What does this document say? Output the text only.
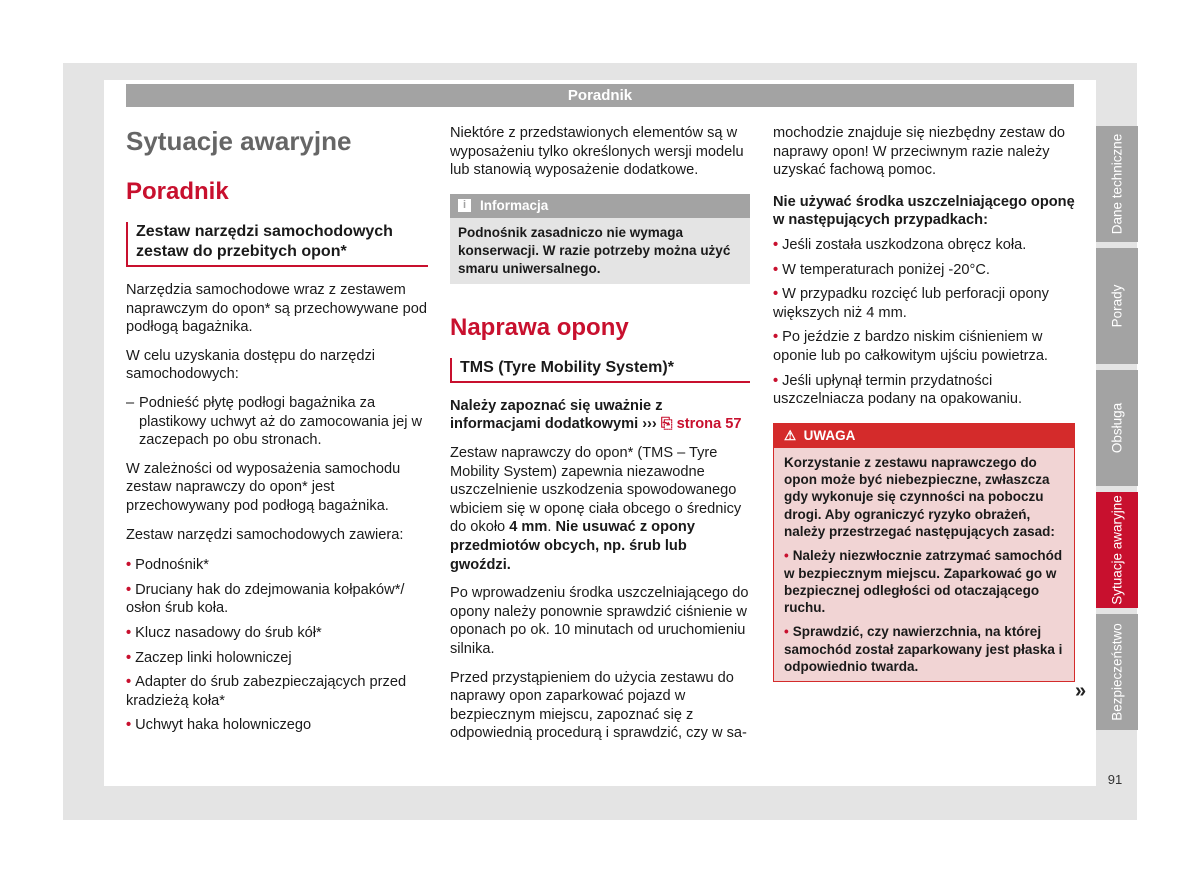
Poradnik
Sytuacje awaryjne
Poradnik
Zestaw narzędzi samochodowych zestaw do przebitych opon*

Narzędzia samochodowe wraz z zestawem naprawczym do opon* są przechowywane pod podłogą bagażnika.

W celu uzyskania dostępu do narzędzi samochodowych:

– Podnieść płytę podłogi bagażnika za plastikowy uchwyt aż do zamocowania jej w zaczepach po obu stronach.

W zależności od wyposażenia samochodu zestaw naprawczy do opon* jest przechowywany pod podłogą bagażnika.

Zestaw narzędzi samochodowych zawiera:

• Podnośnik*
• Druciany hak do zdejmowania kołpaków*/ osłon śrub koła.
• Klucz nasadowy do śrub kół*
• Zaczep linki holowniczej
• Adapter do śrub zabezpieczających przed kradzieżą koła*
• Uchwyt haka holowniczego

Niektóre z przedstawionych elementów są w wyposażeniu tylko określonych wersji modelu lub stanowią wyposażenie dodatkowe.

i	Informacja
Podnośnik zasadniczo nie wymaga konserwacji. W razie potrzeby można użyć smaru uniwersalnego.
Naprawa opony
TMS (Tyre Mobility System)*

Należy zapoznać się uważnie z informacjami dodatkowymi ››› ⎘ strona 57

Zestaw naprawczy do opon* (TMS – Tyre Mobility System) zapewnia niezawodne uszczelnienie uszkodzenia spowodowanego wbiciem się w oponę ciała obcego o średnicy do około 4 mm. Nie usuwać z opony przedmiotów obcych, np. śrub lub gwoździ.

Po wprowadzeniu środka uszczelniającego do opony należy ponownie sprawdzić ciśnienie w oponach po ok. 10 minutach od uruchomieniu silnika.

Przed przystąpieniem do użycia zestawu do naprawy opon zaparkować pojazd w bezpiecznym miejscu, zapoznać się z odpowiednią procedurą i sprawdzić, czy w sa-

mochodzie znajduje się niezbędny zestaw do naprawy opon! W przeciwnym razie należy uzyskać fachową pomoc.

Nie używać środka uszczelniającego oponę w następujących przypadkach:

• Jeśli została uszkodzona obręcz koła.
• W temperaturach poniżej -20°C.
• W przypadku rozcięć lub perforacji opony większych niż 4 mm.
• Po jeździe z bardzo niskim ciśnieniem w oponie lub po całkowitym ujściu powietrza.
• Jeśli upłynął termin przydatności uszczelniacza podany na opakowaniu.
⚠ UWAGA

Korzystanie z zestawu naprawczego do opon może być niebezpieczne, zwłaszcza gdy wykonuje się czynności na poboczu drogi. Aby ograniczyć ryzyko obrażeń, należy przestrzegać następujących zasad:

• Należy niezwłocznie zatrzymać samochód w bezpiecznym miejscu. Zaparkować go w bezpiecznej odległości od otaczającego ruchu.

• Sprawdzić, czy nawierzchnia, na której samochód został zaparkowany jest płaska i odpowiednio twarda.

»
Dane techniczne
Porady
Obsługa
Sytuacje awaryjne
Bezpieczeństwo
91
